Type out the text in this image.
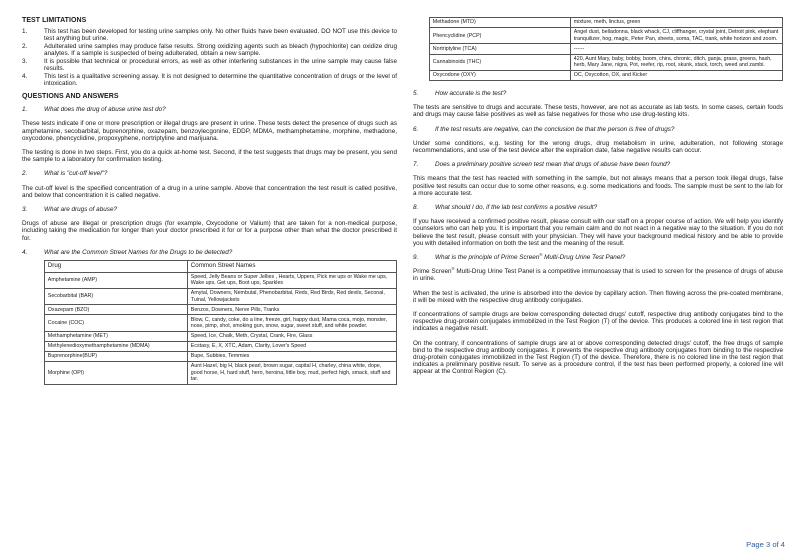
TEST LIMITATIONS
1.	This test has been developed for testing urine samples only. No other fluids have been evaluated. DO NOT use this device to test anything but urine.
2.	Adulterated urine samples may produce false results. Strong oxidizing agents such as bleach (hypochlorite) can oxidize drug analytes. If a sample is suspected of being adulterated, obtain a new sample.
3.	It is possible that technical or procedural errors, as well as other interfering substances in the urine sample may cause false results.
4.	This test is a qualitative screening assay. It is not designed to determine the quantitative concentration of drugs or the level of intoxication.
QUESTIONS AND ANSWERS
1.	What does the drug of abuse urine test do?

These tests indicate if one or more prescription or illegal drugs are present in urine. These tests detect the presence of drugs such as amphetamine, secobarbital, buprenorphine, oxazepam, benzoylecgonine, EDDP, MDMA, methamphetamine, morphine, methadone, oxycodone, phencyclidine, propoxyphene, nortriptyline and marijuana.

The testing is done in two steps. First, you do a quick at-home test. Second, if the test suggests that drugs may be present, you send the sample to a laboratory for confirmation testing.

2.	What is "cut-off level"?

The cut-off level is the specified concentration of a drug in a urine sample. Above that concentration the test result is called positive, and below that concentration it is called negative.

3.	What are drugs of abuse?

Drugs of abuse are illegal or prescription drugs (for example, Oxycodone or Valium) that are taken for a non-medical purpose, including taking the medication for longer than your doctor prescribed it for or for a purpose other than what the doctor prescribed it for.

4.	What are the Common Street Names for the Drugs to be detected?
Drug	Common Street Names
Amphetamine (AMP)	Speed, Jelly Beans or Super Jellies , Hearts, Uppers, Pick me ups or Wake me ups, Wake ups, Get ups, Boot ups, Sparkles
Secobarbital (BAR)	Amytal, Downers, Nembutal, Phenobarbital, Reds, Red Birds, Red devils, Seconal, Tuinal, Yellowjackets
Oxazepam (BZO)	Benzos, Downers, Nerve Pills, Tranks
Cocaine (COC)	Blow, C, candy, coke, do a line, freeze, girl, happy dust, Mama coca, mojo, monster, nose, pimp, shot, smoking gun, snow, sugar, sweet stuff, and white powder.
Methamphetamine (MET)	Speed, Ice, Chalk, Meth, Crystal, Crank, Fire, Glass
Methylenedioxymethamphetamine (MDMA)	Ecstasy, E, X, XTC, Adam, Clarity, Lover's Speed
Buprenorphine(BUP)	Bupe, Subbies, Temmies
Morphine (OPI)	Aunt Hazel, big H, black pearl, brown sugar, capital H, charley, china white, dope, good horse, H, hard stuff, hero, heroina, little boy, mud, perfect high, smack, stuff and tar.
Methadone (MTD)	mixture, meth, linctus, green
Phencyclidine (PCP)	Angel dust, belladonna, black whack, CJ, cliffhanger, crystal joint, Detroit pink, elephant tranquilizer, hog, magic, Peter Pan, sheets, soma, TAC, trank, white horizon and zoom.
Nortriptyline (TCA)	------
Cannabinoids (THC)	420, Aunt Mary, baby, bobby, boom, chira, chronic, ditch, ganja, grass, greens, hash, herb, Mary Jane, nigra, Pot, reefer, rip, root, skunk, stack, torch, weed and zambi.
Oxycodone (OXY)	OC, Oxycotton, OX, and Kicker
5.	How accurate is the test?

The tests are sensitive to drugs and accurate. These tests, however, are not as accurate as lab tests. In some cases, certain foods and drugs may cause false positives as well as false negatives for those who use drug-testing kits.

6.	If the test results are negative, can the conclusion be that the person is free of drugs?

Under some conditions, e.g. testing for the wrong drugs, drug metabolism in urine, adulteration, not following storage recommendations, and use of the test device after the expiration date, false negative results can occur.

7.	Does a preliminary positive screen test mean that drugs of abuse have been found?

This means that the test has reacted with something in the sample, but not always means that a person took illegal drugs, false positive test results can occur due to some other reasons, e.g. some medications and foods. The sample must be sent to the lab for a more accurate test.

8.	What should I do, if the lab test confirms a positive result?

If you have received a confirmed positive result, please consult with our staff on a proper course of action. We will help you identify counselors who can help you. It is important that you remain calm and do not react in a negative way to the situation. If you do not believe the test result, please consult with your physician. They will have your background medical history and be able to provide you with detailed information on both the test and the meaning of the result.

9.	What is the principle of Prime Screen® Multi-Drug Urine Test Panel?

Prime Screen® Multi-Drug Urine Test Panel is a competitive immunoassay that is used to screen for the presence of drugs of abuse in urine.

When the test is activated, the urine is absorbed into the device by capillary action. Then flowing across the pre-coated membrane, it will be mixed with the respective drug antibody conjugates.

If concentrations of sample drugs are below corresponding detected drugs' cutoff, respective drug antibody conjugates bind to the respective drug-protein conjugates immobilized in the Test Region (T) of the device. This produces a colored line in test region that indicates a negative result.

On the contrary, if concentrations of sample drugs are at or above corresponding detected drugs' cutoff, the free drugs of sample bind to the respective drug antibody conjugates. It prevents the respective drug antibody conjugates from binding to the respective drug-protein conjugates immobilized in the Test Region (T) of the device. Therefore, there is no colored line in the test region that indicates a preliminary positive result. To serve as a procedure control, if the test has been performed properly, a colored line will appear at the Control Region (C).

Page 3 of 4
